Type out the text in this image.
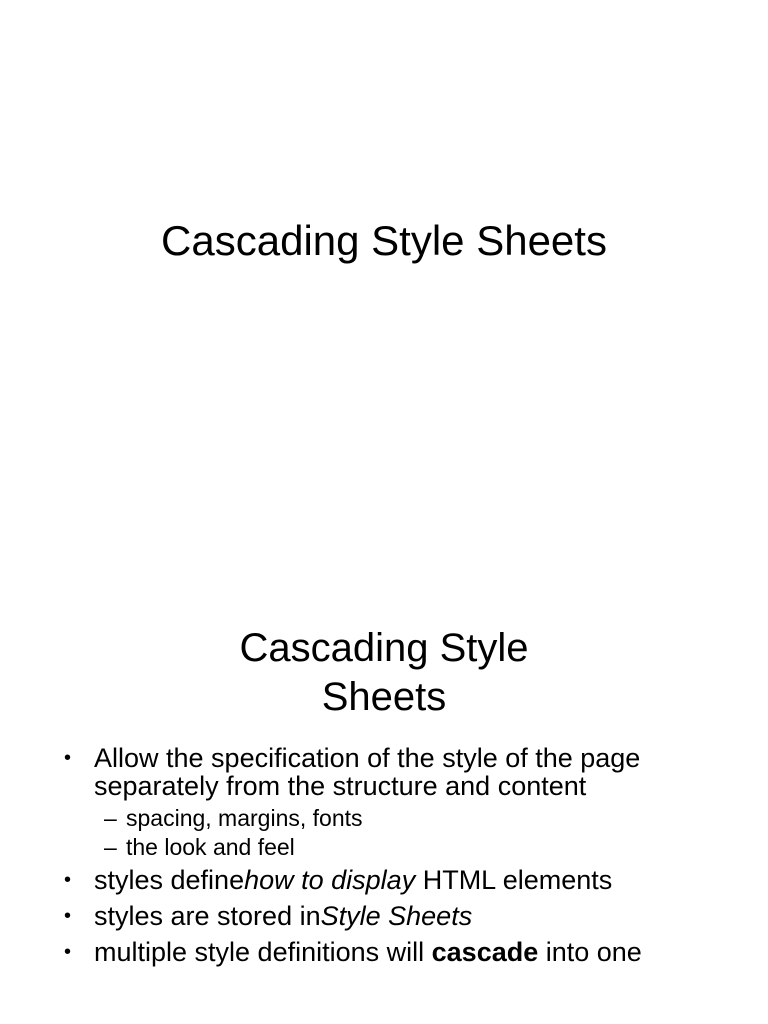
Cascading Style Sheets
Cascading Style
Sheets
• Allow the specification of the style of the page separately from the structure and content
– spacing, margins, fonts
– the look and feel
• styles definehow to display HTML elements
• styles are stored inStyle Sheets
• multiple style definitions will cascade into one
